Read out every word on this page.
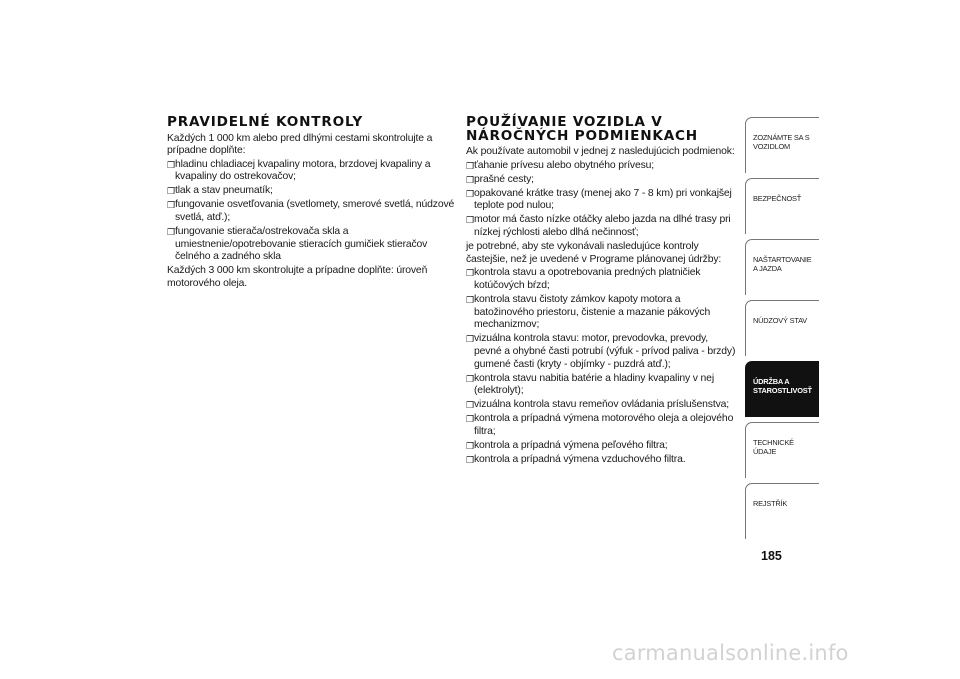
PRAVIDELNÉ KONTROLY

Každých 1 000 km alebo pred dlhými cestami skontrolujte a prípadne doplňte:

❒ hladinu chladiacej kvapaliny motora, brzdovej kvapaliny a kvapaliny do ostrekovačov;
❒ tlak a stav pneumatík;
❒ fungovanie osvetľovania (svetlomety, smerové svetlá, núdzové svetlá, atď.);
❒ fungovanie stierača/ostrekovača skla a umiestnenie/opotrebovanie stieracích gumičiek stieračov čelného a zadného skla

Každých 3 000 km skontrolujte a prípadne doplňte: úroveň motorového oleja.

POUŽÍVANIE VOZIDLA V NÁROČNÝCH PODMIENKACH

Ak používate automobil v jednej z nasledujúcich podmienok:

❒ ťahanie prívesu alebo obytného prívesu;
❒ prašné cesty;
❒ opakované krátke trasy (menej ako 7 - 8 km) pri vonkajšej teplote pod nulou;
❒ motor má často nízke otáčky alebo jazda na dlhé trasy pri nízkej rýchlosti alebo dlhá nečinnosť;

je potrebné, aby ste vykonávali nasledujúce kontroly častejšie, než je uvedené v Programe plánovanej údržby:

❒ kontrola stavu a opotrebovania predných platničiek kotúčových bŕzd;
❒ kontrola stavu čistoty zámkov kapoty motora a batožinového priestoru, čistenie a mazanie pákových mechanizmov;
❒ vizuálna kontrola stavu: motor, prevodovka, prevody, pevné a ohybné časti potrubí (výfuk - prívod paliva - brzdy) gumené časti (kryty - objímky - puzdrá atď.);
❒ kontrola stavu nabitia batérie a hladiny kvapaliny v nej (elektrolyt);
❒ vizuálna kontrola stavu remeňov ovládania príslušenstva;
❒ kontrola a prípadná výmena motorového oleja a olejového filtra;
❒ kontrola a prípadná výmena peľového filtra;
❒ kontrola a prípadná výmena vzduchového filtra.
ZOZNÁMTE SA S VOZIDLOM
BEZPEČNOSŤ
NAŠTARTOVANIE A JAZDA
NÚDZOVÝ STAV
ÚDRŽBA A STAROSTLIVOSŤ
TECHNICKÉ ÚDAJE
REJSTŘÍK
185
carmanualsonline.info
